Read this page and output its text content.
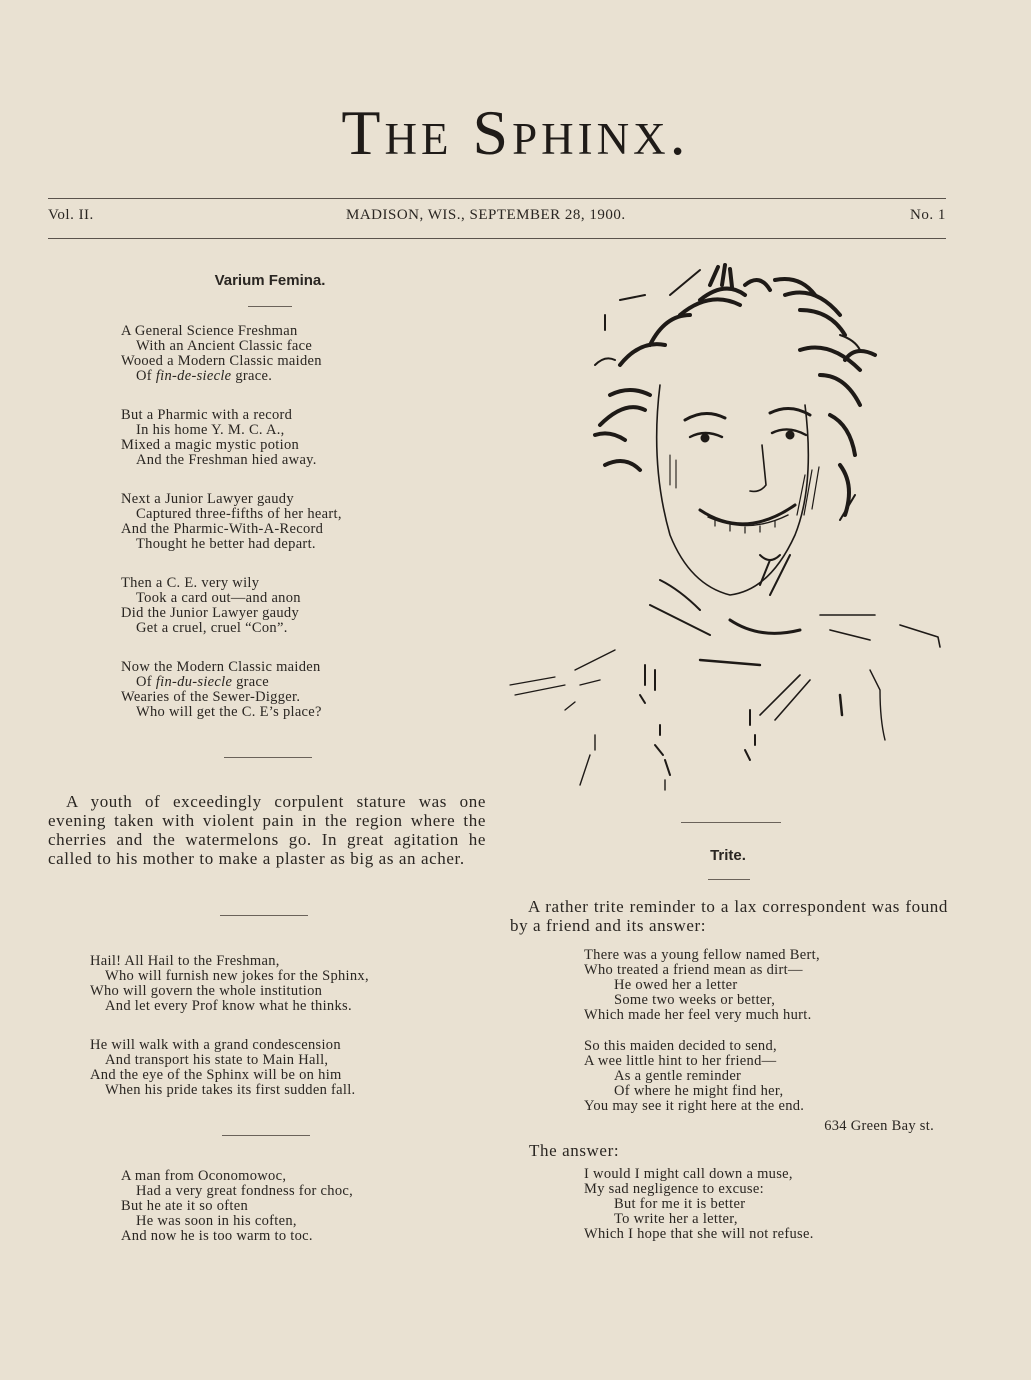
The Sphinx.
Vol. II.	MADISON, WIS., SEPTEMBER 28, 1900.	No. 1
Varium Femina.
A General Science Freshman
With an Ancient Classic face
Wooed a Modern Classic maiden
Of fin-de-siecle grace.
But a Pharmic with a record
In his home Y. M. C. A.,
Mixed a magic mystic potion
And the Freshman hied away.
Next a Junior Lawyer gaudy
Captured three-fifths of her heart,
And the Pharmic-With-A-Record
Thought he better had depart.
Then a C. E. very wily
Took a card out—and anon
Did the Junior Lawyer gaudy
Get a cruel, cruel “Con”.
Now the Modern Classic maiden
Of fin-du-siecle grace
Wearies of the Sewer-Digger.
Who will get the C. E’s place?
A youth of exceedingly corpulent stature was one evening taken with violent pain in the region where the cherries and the watermelons go. In great agitation he called to his mother to make a plaster as big as an acher.
Hail! All Hail to the Freshman,
Who will furnish new jokes for the Sphinx,
Who will govern the whole institution
And let every Prof know what he thinks.
He will walk with a grand condescension
And transport his state to Main Hall,
And the eye of the Sphinx will be on him
When his pride takes its first sudden fall.
A man from Oconomowoc,
Had a very great fondness for choc,
But he ate it so often
He was soon in his coften,
And now he is too warm to toc.
Trite.
A rather trite reminder to a lax correspondent was found by a friend and its answer:
There was a young fellow named Bert,
Who treated a friend mean as dirt—
He owed her a letter
Some two weeks or better,
Which made her feel very much hurt.
So this maiden decided to send,
A wee little hint to her friend—
As a gentle reminder
Of where he might find her,
You may see it right here at the end.
634 Green Bay st.
The answer:
I would I might call down a muse,
My sad negligence to excuse:
But for me it is better
To write her a letter,
Which I hope that she will not refuse.
